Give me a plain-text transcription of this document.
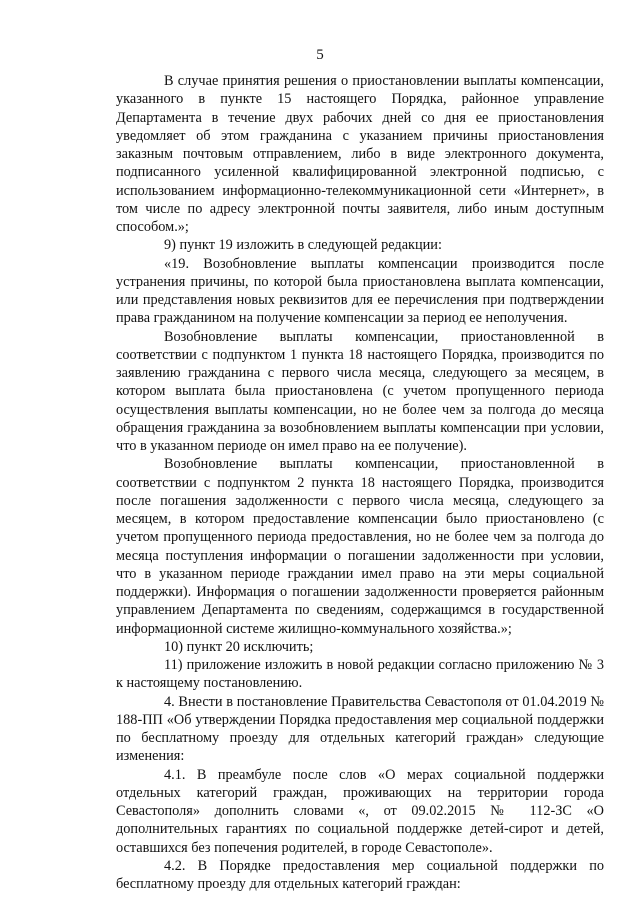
5

В случае принятия решения о приостановлении выплаты компенсации, указанного в пункте 15 настоящего Порядка, районное управление Департамента в течение двух рабочих дней со дня ее приостановления уведомляет об этом гражданина с указанием причины приостановления заказным почтовым отправлением, либо в виде электронного документа, подписанного усиленной квалифицированной электронной подписью, с использованием информационно-телекоммуникационной сети «Интернет», в том числе по адресу электронной почты заявителя, либо иным доступным способом.»;

9) пункт 19 изложить в следующей редакции:

«19. Возобновление выплаты компенсации производится после устранения причины, по которой была приостановлена выплата компенсации, или представления новых реквизитов для ее перечисления при подтверждении права гражданином на получение компенсации за период ее неполучения.

Возобновление выплаты компенсации, приостановленной в соответствии с подпунктом 1 пункта 18 настоящего Порядка, производится по заявлению гражданина с первого числа месяца, следующего за месяцем, в котором выплата была приостановлена (с учетом пропущенного периода осуществления выплаты компенсации, но не более чем за полгода до месяца обращения гражданина за возобновлением выплаты компенсации при условии, что в указанном периоде он имел право на ее получение).

Возобновление выплаты компенсации, приостановленной в соответствии с подпунктом 2 пункта 18 настоящего Порядка, производится после погашения задолженности с первого числа месяца, следующего за месяцем, в котором предоставление компенсации было приостановлено (с учетом пропущенного периода предоставления, но не более чем за полгода до месяца поступления информации о погашении задолженности при условии, что в указанном периоде граждании имел право на эти меры социальной поддержки). Информация о погашении задолженности проверяется районным управлением Департамента по сведениям, содержащимся в государственной информационной системе жилищно-коммунального хозяйства.»;

10) пункт 20 исключить;

11) приложение изложить в новой редакции согласно приложению № 3 к настоящему постановлению.

4. Внести в постановление Правительства Севастополя от 01.04.2019 № 188-ПП «Об утверждении Порядка предоставления мер социальной поддержки по бесплатному проезду для отдельных категорий граждан» следующие изменения:

4.1. В преамбуле после слов «О мерах социальной поддержки отдельных категорий граждан, проживающих на территории города Севастополя» дополнить словами «, от 09.02.2015 № 112-ЗС «О дополнительных гарантиях по социальной поддержке детей-сирот и детей, оставшихся без попечения родителей, в городе Севастополе».

4.2. В Порядке предоставления мер социальной поддержки по бесплатному проезду для отдельных категорий граждан:
